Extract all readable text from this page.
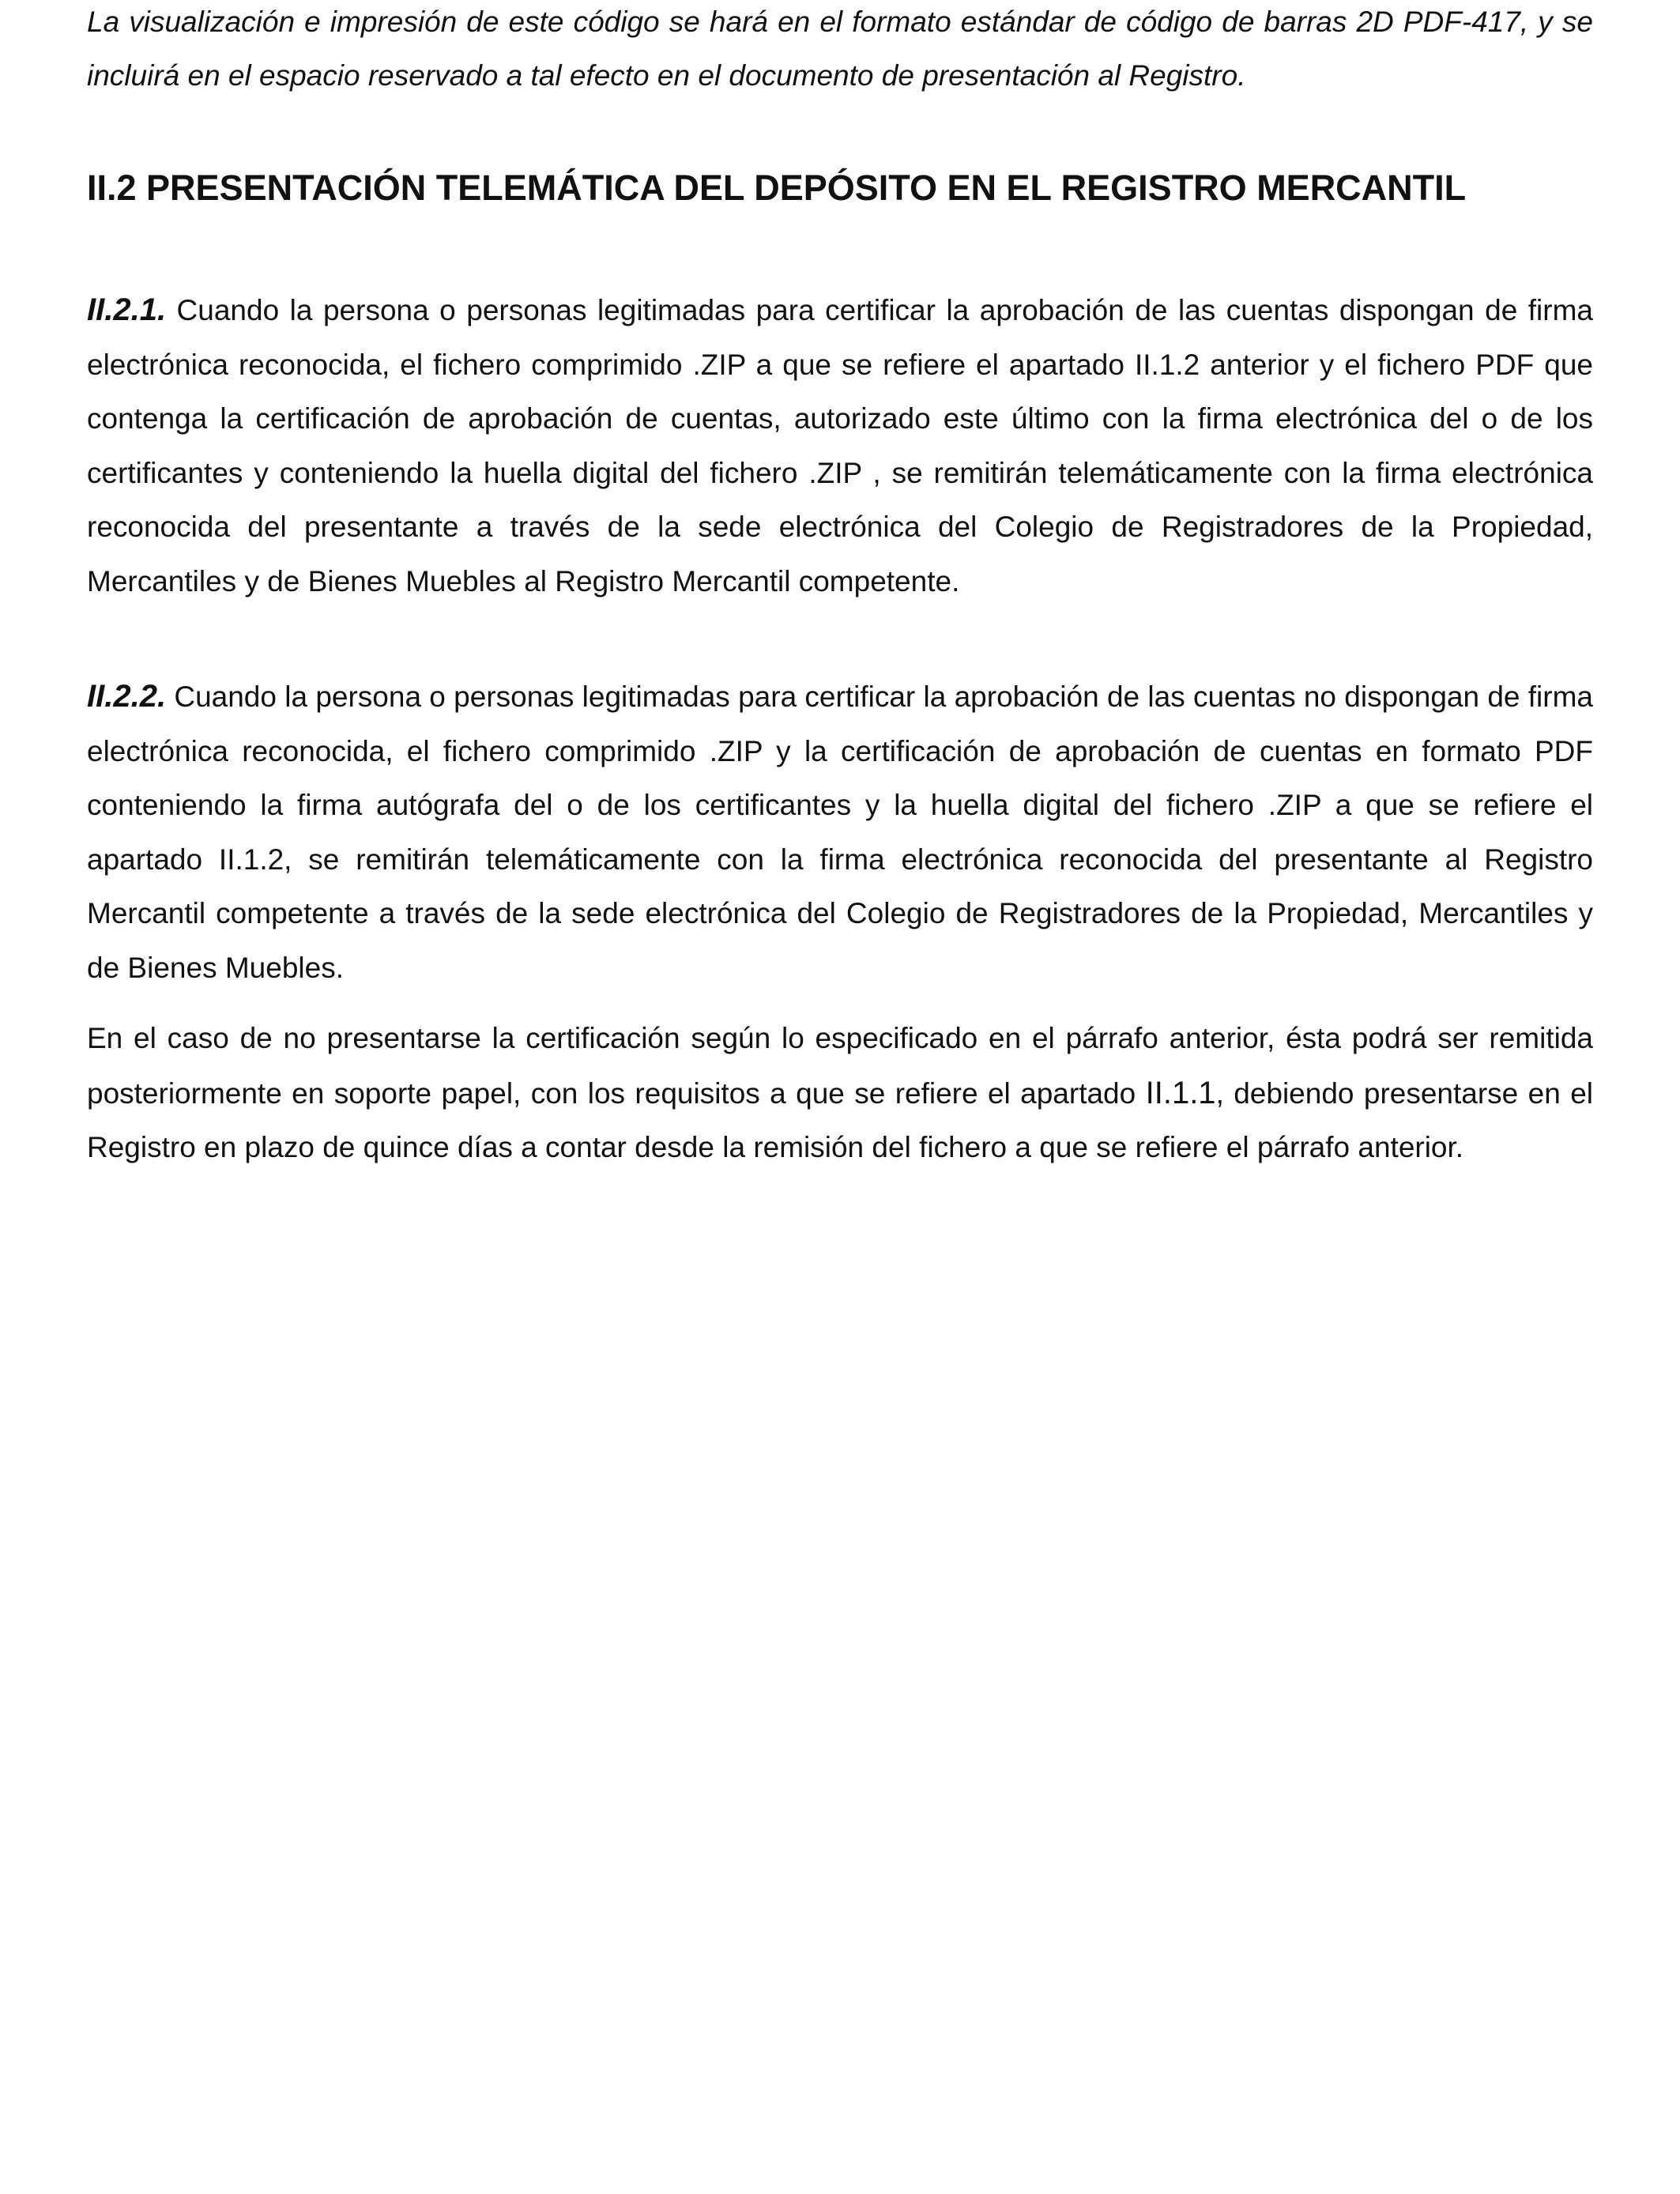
La visualización e impresión de este código se hará en el formato estándar de código de barras 2D PDF-417, y se incluirá en el espacio reservado a tal efecto en el documento de presentación al Registro.

II.2 PRESENTACIÓN TELEMÁTICA DEL DEPÓSITO EN EL REGISTRO MERCANTIL

II.2.1. Cuando la persona o personas legitimadas para certificar la aprobación de las cuentas dispongan de firma electrónica reconocida, el fichero comprimido .ZIP a que se refiere el apartado II.1.2 anterior y el fichero PDF que contenga la certificación de aprobación de cuentas, autorizado este último con la firma electrónica del o de los certificantes y conteniendo la huella digital del fichero .ZIP , se remitirán telemáticamente con la firma electrónica reconocida del presentante a través de la sede electrónica del Colegio de Registradores de la Propiedad, Mercantiles y de Bienes Muebles al Registro Mercantil competente.

II.2.2. Cuando la persona o personas legitimadas para certificar la aprobación de las cuentas no dispongan de firma electrónica reconocida, el fichero comprimido .ZIP y la certificación de aprobación de cuentas en formato PDF conteniendo la firma autógrafa del o de los certificantes y la huella digital del fichero .ZIP a que se refiere el apartado II.1.2, se remitirán telemáticamente con la firma electrónica reconocida del presentante al Registro Mercantil competente a través de la sede electrónica del Colegio de Registradores de la Propiedad, Mercantiles y de Bienes Muebles.

En el caso de no presentarse la certificación según lo especificado en el párrafo anterior, ésta podrá ser remitida posteriormente en soporte papel, con los requisitos a que se refiere el apartado II.1.1, debiendo presentarse en el Registro en plazo de quince días a contar desde la remisión del fichero a que se refiere el párrafo anterior.
